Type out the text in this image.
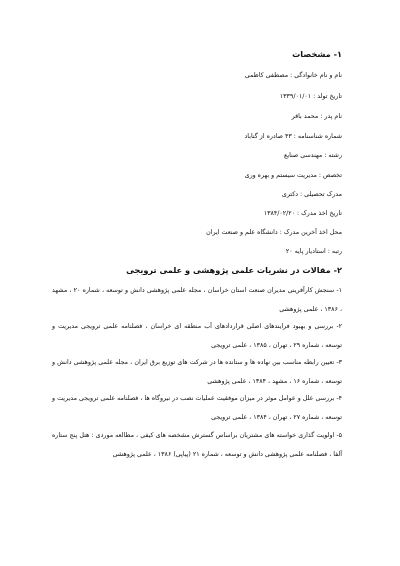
۱- مشخصات
نام و نام خانوادگی : مصطفی کاظمی
تاریخ تولد : ۱۳۳۹/۰۱/۰۱
نام پدر : محمد باقر
شماره شناسنامه : ۴۳ صادره از گناباد
رشته : مهندسی صنایع
تخصص : مدیریت سیستم و بهره وری
مدرک تحصیلی : دکتری
تاریخ اخذ مدرک : ۱۳۸۴/۰۲/۲۰
محل اخذ آخرین مدرک : دانشگاه علم و صنعت ایران
رتبه : استادیار پایه ۲۰
۲- مقالات در نشریات علمی پژوهشی و علمی ترویجی
۱- سنجش کارآفرینی مدیران صنعت استان خراسان ، مجله علمی پژوهشی دانش و توسعه ، شماره ۲۰ ، مشهد ، ۱۳۸۶ ، علمی پژوهشی
۲- بررسی و بهبود فرایندهای اصلی قراردادهای آب منطقه ای خراسان ، فصلنامه علمی ترویجی مدیریت و توسعه ، شماره ۲۹ ، تهران ، ۱۳۸۵ ، علمی ترویجی
۳- تعیین رابطه مناسب بین نهاده ها و ستانده ها در شرکت های توزیع برق ایران ، مجله علمی پژوهشی دانش و توسعه ، شماره ۱۶ ، مشهد ، ۱۳۸۴ ، علمی پژوهشی
۴- بررسی علل و عوامل موثر در میزان موفقیت عملیات نصب در نیروگاه ها ، فصلنامه علمی ترویجی مدیریت و توسعه ، شماره ۲۷ ، تهران ، ۱۳۸۴ ، علمی ترویجی
۵- اولویت گذاری خواسته های مشتریان براساس گسترش مشخصه های کیفی ، مطالعه موردی : هتل پنج ستاره آلفا ، فصلنامه علمی پژوهشی دانش و توسعه ، شماره ۲۱ (پیاپی) ۱۳۸۶ ، علمی پژوهشی
